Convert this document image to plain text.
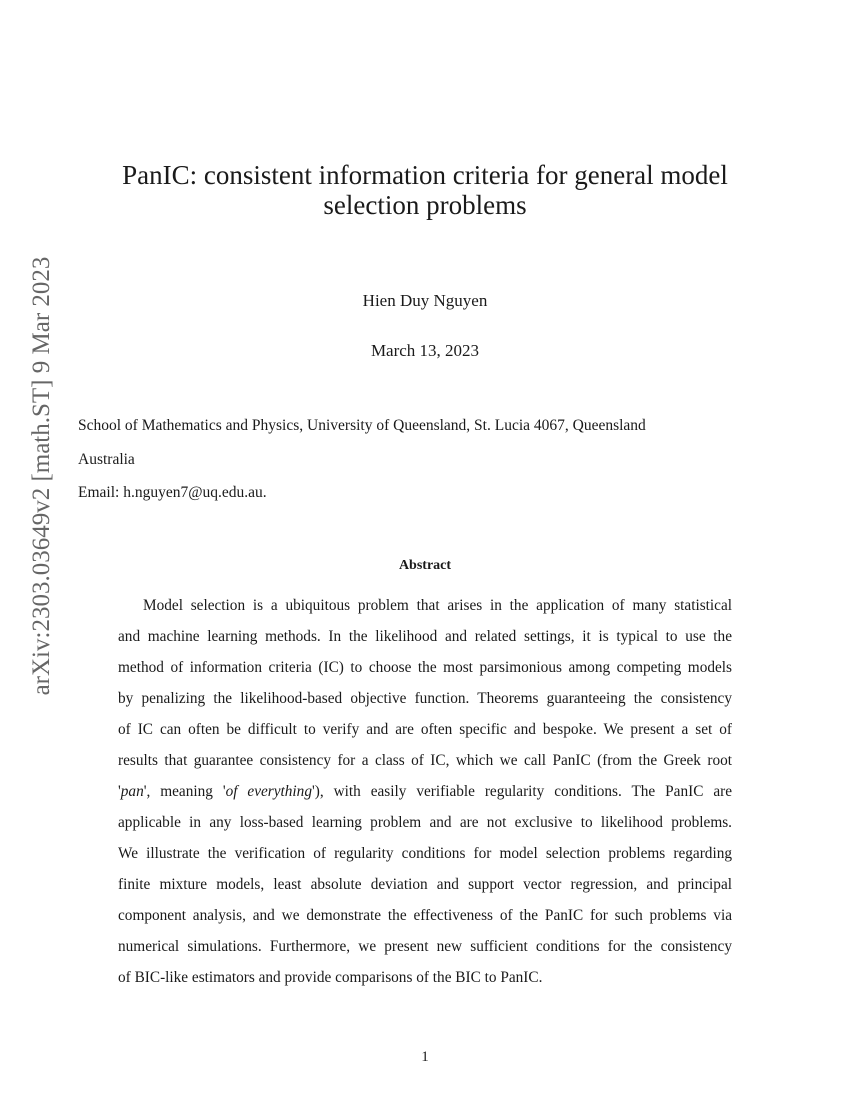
arXiv:2303.03649v2 [math.ST] 9 Mar 2023
PanIC: consistent information criteria for general model
selection problems
Hien Duy Nguyen
March 13, 2023
School of Mathematics and Physics, University of Queensland, St. Lucia 4067, Queensland
Australia
Email: h.nguyen7@uq.edu.au.
Abstract
Model selection is a ubiquitous problem that arises in the application of many statistical
and machine learning methods. In the likelihood and related settings, it is typical to use the
method of information criteria (IC) to choose the most parsimonious among competing models
by penalizing the likelihood-based objective function. Theorems guaranteeing the consistency
of IC can often be difficult to verify and are often specific and bespoke. We present a set of
results that guarantee consistency for a class of IC, which we call PanIC (from the Greek root
'pan', meaning 'of everything'), with easily verifiable regularity conditions. The PanIC are
applicable in any loss-based learning problem and are not exclusive to likelihood problems.
We illustrate the verification of regularity conditions for model selection problems regarding
finite mixture models, least absolute deviation and support vector regression, and principal
component analysis, and we demonstrate the effectiveness of the PanIC for such problems via
numerical simulations. Furthermore, we present new sufficient conditions for the consistency
of BIC-like estimators and provide comparisons of the BIC to PanIC.
1
